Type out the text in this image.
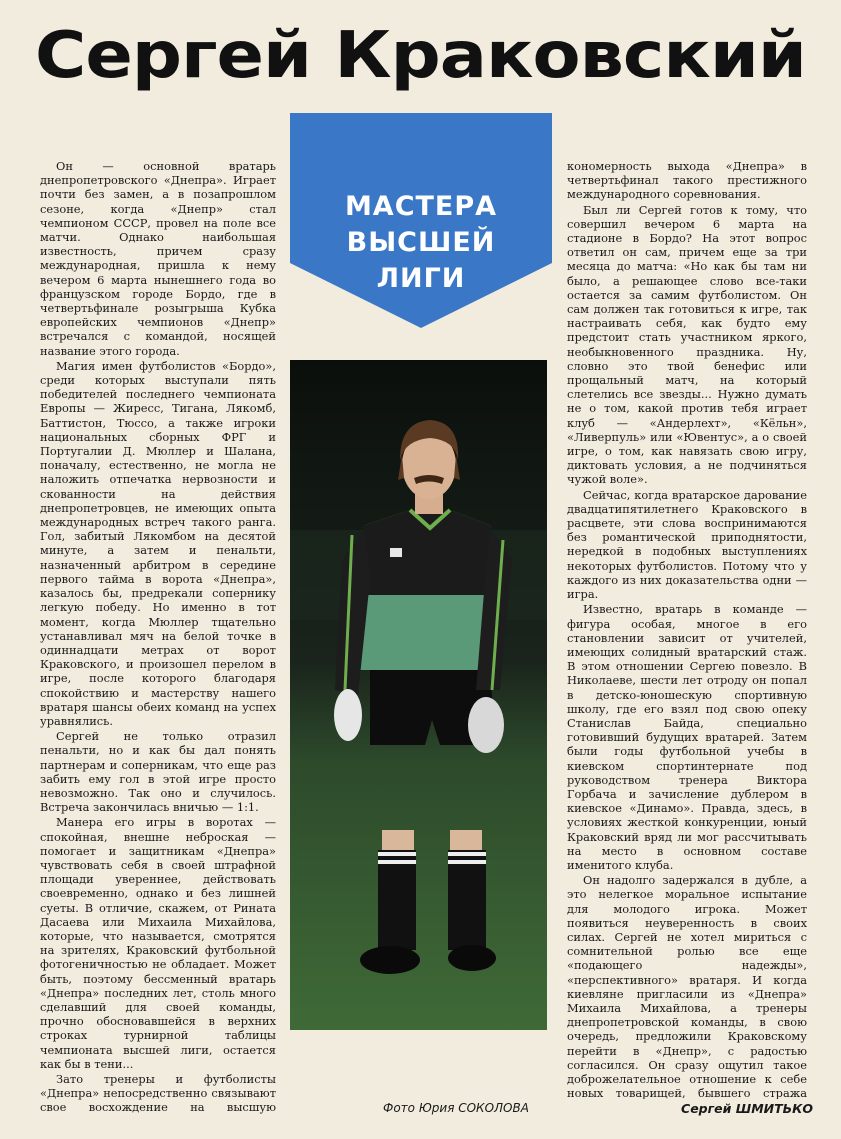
Сергей Краковский
МАСТЕРА
ВЫСШЕЙ
ЛИГИ

Он — основной вратарь днепропетровского «Днепра». Играет почти без замен, а в позапрошлом сезоне, когда «Днепр» стал чемпионом СССР, провел на поле все матчи. Однако наибольшая известность, причем сразу международная, пришла к нему вечером 6 марта нынешнего года во французском городе Бордо, где в четвертьфинале розыгрыша Кубка европейских чемпионов «Днепр» встречался с командой, носящей название этого города.

Магия имен футболистов «Бордо», среди которых выступали пять победителей последнего чемпионата Европы — Жиресс, Тигана, Лякомб, Баттистон, Тюссо, а также игроки национальных сборных ФРГ и Португалии Д. Мюллер и Шалана, поначалу, естественно, не могла не наложить отпечатка нервозности и скованности на действия днепропетровцев, не имеющих опыта международных встреч такого ранга. Гол, забитый Лякомбом на десятой минуте, а затем и пенальти, назначенный арбитром в середине первого тайма в ворота «Днепра», казалось бы, предрекали сопернику легкую победу. Но именно в тот момент, когда Мюллер тщательно устанавливал мяч на белой точке в одиннадцати метрах от ворот Краковского, и произошел перелом в игре, после которого благодаря спокойствию и мастерству нашего вратаря шансы обеих команд на успех уравнялись.

Сергей не только отразил пенальти, но и как бы дал понять партнерам и соперникам, что еще раз забить ему гол в этой игре просто невозможно. Так оно и случилось. Встреча закончилась вничью — 1:1.

Манера его игры в воротах — спокойная, внешне неброская — помогает и защитникам «Днепра» чувствовать себя в своей штрафной площади увереннее, действовать своевременно, однако и без лишней суеты. В отличие, скажем, от Рината Дасаева или Михаила Михайлова, которые, что называется, смотрятся на зрителях, Краковский футбольной фотогеничностью не обладает. Может быть, поэтому бессменный вратарь «Днепра» последних лет, столь много сделавший для своей команды, прочно обосновавшейся в верхних строках турнирной таблицы чемпионата высшей лиги, остается как бы в тени...

Зато тренеры и футболисты «Днепра» непосредственно связывают свое восхождение на высшую

кономерность выхода «Днепра» в четвертьфинал такого престижного международного соревнования.

Был ли Сергей готов к тому, что совершил вечером 6 марта на стадионе в Бордо? На этот вопрос ответил он сам, причем еще за три месяца до матча: «Но как бы там ни было, а решающее слово все-таки остается за самим футболистом. Он сам должен так готовиться к игре, так настраивать себя, как будто ему предстоит стать участником яркого, необыкновенного праздника. Ну, словно это твой бенефис или прощальный матч, на который слетелись все звезды... Нужно думать не о том, какой против тебя играет клуб — «Андерлехт», «Кёльн», «Ливерпуль» или «Ювентус», а о своей игре, о том, как навязать свою игру, диктовать условия, а не подчиняться чужой воле».

Сейчас, когда вратарское дарование двадцатипятилетнего Краковского в расцвете, эти слова воспринимаются без романтической приподнятости, нередкой в подобных выступлениях некоторых футболистов. Потому что у каждого из них доказательства одни — игра.

Известно, вратарь в команде — фигура особая, многое в его становлении зависит от учителей, имеющих солидный вратарский стаж. В этом отношении Сергею повезло. В Николаеве, шести лет отроду он попал в детско-юношескую спортивную школу, где его взял под свою опеку Станислав Байда, специально готовивший будущих вратарей. Затем были годы футбольной учебы в киевском спортинтернате под руководством тренера Виктора Горбача и зачисление дублером в киевское «Динамо». Правда, здесь, в условиях жесткой конкуренции, юный Краковский вряд ли мог рассчитывать на место в основном составе именитого клуба.

Он надолго задержался в дубле, а это нелегкое моральное испытание для молодого игрока. Может появиться неуверенность в своих силах. Сергей не хотел мириться с сомнительной ролью все еще «подающего надежды», «перспективного» вратаря. И когда киевляне пригласили из «Днепра» Михаила Михайлова, а тренеры днепропетровской команды, в свою очередь, предложили Краковскому перейти в «Днепр», с радостью согласился. Он сразу ощутил такое доброжелательное отношение к себе новых товарищей, бывшего стража

Фото Юрия СОКОЛОВА	Сергей ШМИТЬКО
